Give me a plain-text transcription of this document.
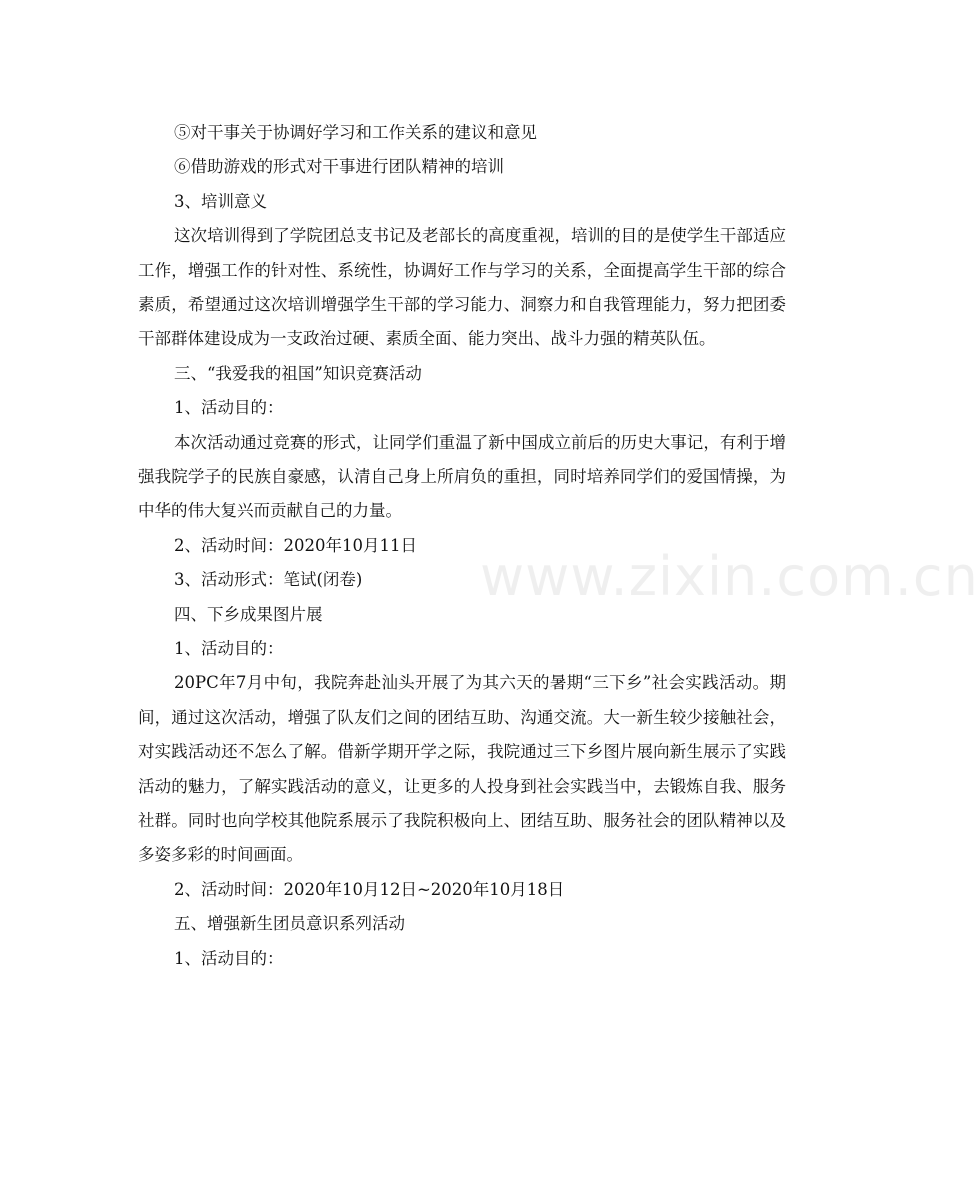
⑤对干事关于协调好学习和工作关系的建议和意见

⑥借助游戏的形式对干事进行团队精神的培训

3、培训意义

这次培训得到了学院团总支书记及老部长的高度重视，培训的目的是使学生干部适应工作，增强工作的针对性、系统性，协调好工作与学习的关系，全面提高学生干部的综合素质，希望通过这次培训增强学生干部的学习能力、洞察力和自我管理能力，努力把团委干部群体建设成为一支政治过硬、素质全面、能力突出、战斗力强的精英队伍。

三、“我爱我的祖国”知识竞赛活动

1、活动目的：

本次活动通过竞赛的形式，让同学们重温了新中国成立前后的历史大事记，有利于增强我院学子的民族自豪感，认清自己身上所肩负的重担，同时培养同学们的爱国情操，为中华的伟大复兴而贡献自己的力量。

2、活动时间：2020年10月11日

3、活动形式：笔试(闭卷)

四、下乡成果图片展

1、活动目的：

20PC年7月中旬，我院奔赴汕头开展了为其六天的暑期“三下乡”社会实践活动。期间，通过这次活动，增强了队友们之间的团结互助、沟通交流。大一新生较少接触社会，对实践活动还不怎么了解。借新学期开学之际，我院通过三下乡图片展向新生展示了实践活动的魅力，了解实践活动的意义，让更多的人投身到社会实践当中，去锻炼自我、服务社群。同时也向学校其他院系展示了我院积极向上、团结互助、服务社会的团队精神以及多姿多彩的时间画面。

2、活动时间：2020年10月12日~2020年10月18日

五、增强新生团员意识系列活动

1、活动目的：

www.zixin.com.cn
